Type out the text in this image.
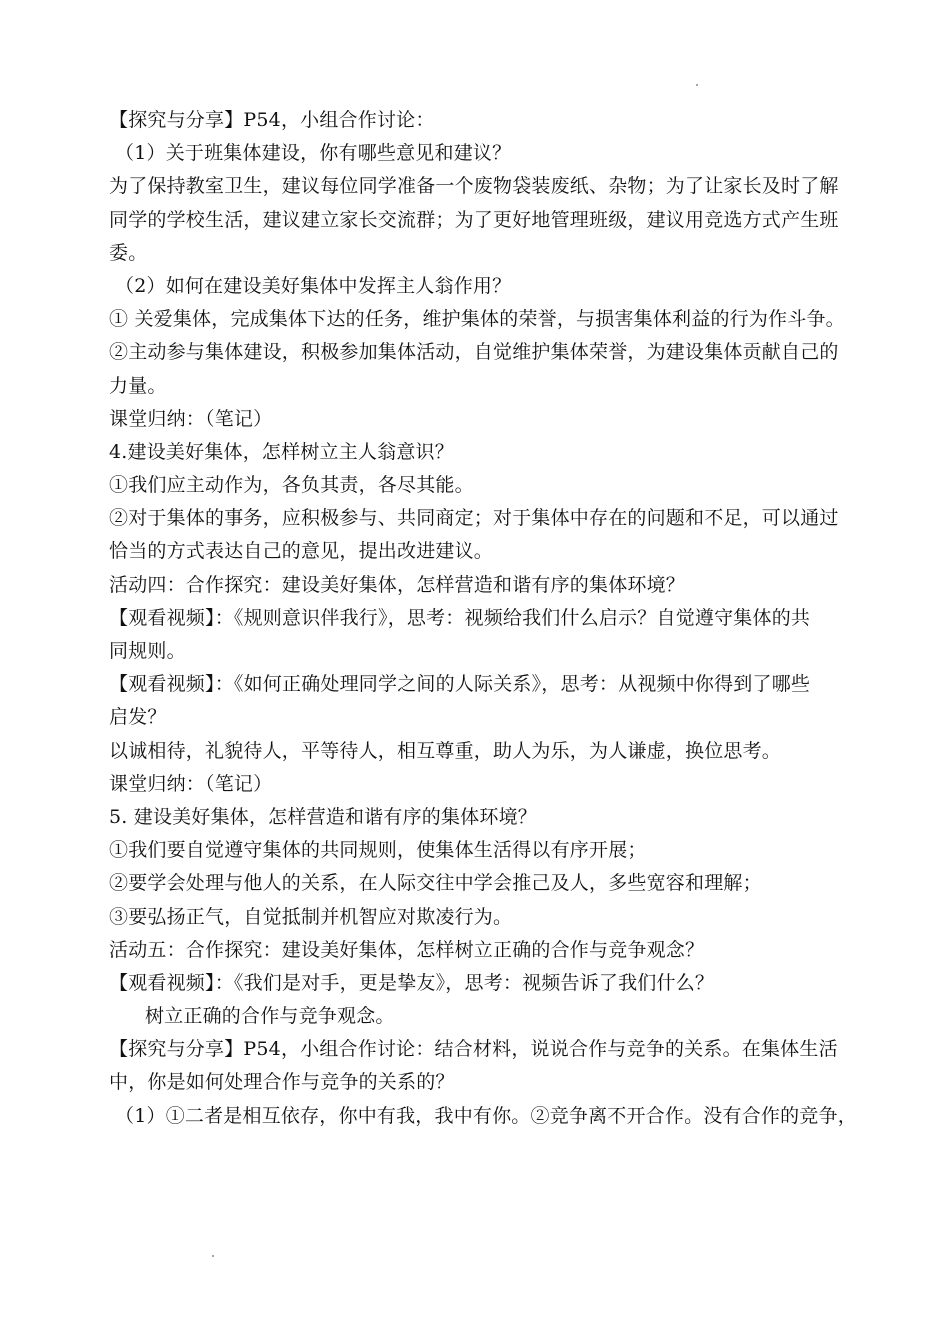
【探究与分享】P54，小组合作讨论：
（1）关于班集体建设，你有哪些意见和建议？
为了保持教室卫生，建议每位同学准备一个废物袋装废纸、杂物；为了让家长及时了解
同学的学校生活，建议建立家长交流群；为了更好地管理班级，建议用竞选方式产生班
委。
（2）如何在建设美好集体中发挥主人翁作用？
① 关爱集体，完成集体下达的任务，维护集体的荣誉，与损害集体利益的行为作斗争。
②主动参与集体建设，积极参加集体活动，自觉维护集体荣誉，为建设集体贡献自己的
力量。
课堂归纳：（笔记）
4.建设美好集体，怎样树立主人翁意识？
①我们应主动作为，各负其责，各尽其能。
②对于集体的事务，应积极参与、共同商定；对于集体中存在的问题和不足，可以通过
恰当的方式表达自己的意见，提出改进建议。
活动四：合作探究：建设美好集体，怎样营造和谐有序的集体环境？
【观看视频】：《规则意识伴我行》，思考：视频给我们什么启示？自觉遵守集体的共
同规则。
【观看视频】：《如何正确处理同学之间的人际关系》，思考：从视频中你得到了哪些
启发？
以诚相待，礼貌待人，平等待人，相互尊重，助人为乐，为人谦虚，换位思考。
课堂归纳：（笔记）
5. 建设美好集体，怎样营造和谐有序的集体环境？
①我们要自觉遵守集体的共同规则，使集体生活得以有序开展；
②要学会处理与他人的关系，在人际交往中学会推己及人，多些宽容和理解；
③要弘扬正气，自觉抵制并机智应对欺凌行为。
活动五：合作探究：建设美好集体，怎样树立正确的合作与竞争观念？
【观看视频】：《我们是对手，更是挚友》，思考：视频告诉了我们什么？
树立正确的合作与竞争观念。
【探究与分享】P54，小组合作讨论：结合材料，说说合作与竞争的关系。在集体生活
中，你是如何处理合作与竞争的关系的？
（1）①二者是相互依存，你中有我，我中有你。②竞争离不开合作。没有合作的竞争，
